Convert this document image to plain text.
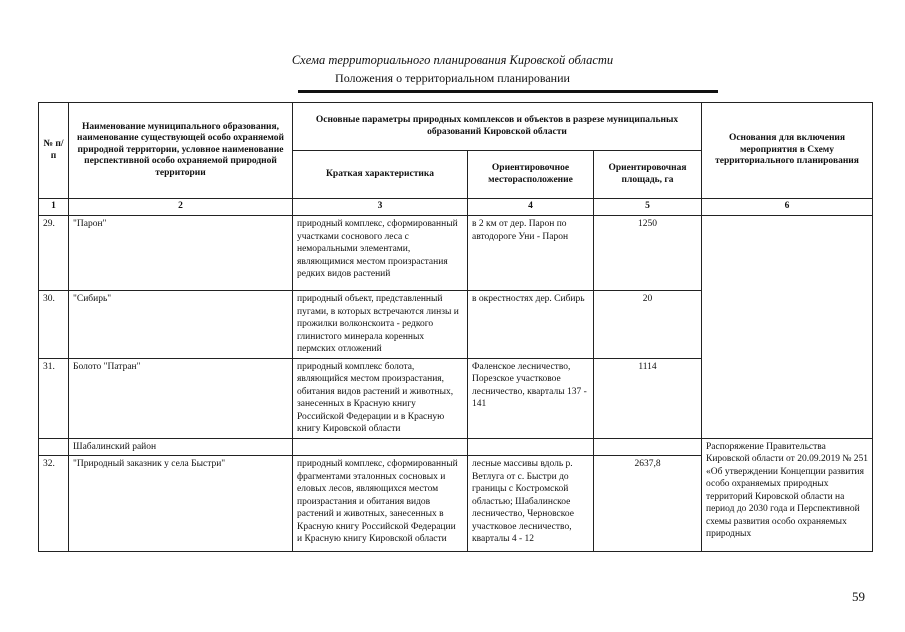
Схема территориального планирования Кировской области
Положения о территориальном планировании
№ п/п	Наименование муниципального образования, наименование существующей особо охраняемой природной территории, условное наименование перспективной особо охраняемой природной территории	Основные параметры природных комплексов и объектов в разрезе муниципальных образований Кировской области			Основания для включения мероприятия в Схему территориального планирования
		Краткая характеристика	Ориентировочное месторасположение	Ориентировочная площадь, га	
1	2	3	4	5	6
29.	"Парон"	природный комплекс, сформированный участками соснового леса с неморальными элементами, являющимися местом произрастания редких видов растений	в 2 км от дер. Парон по автодороге Уни - Парон	1250	
30.	"Сибирь"	природный объект, представленный пугами, в которых встречаются линзы и прожилки волконскоита - редкого глинистого минерала коренных пермских отложений	в окрестностях дер. Сибирь	20	
31.	Болото "Патран"	природный комплекс болота, являющийся местом произрастания, обитания видов растений и животных, занесенных в Красную книгу Российской Федерации и в Красную книгу Кировской области	Фаленское лесничество, Порезское участковое лесничество, кварталы 137 - 141	1114	
	Шабалинский район				Распоряжение Правительства Кировской области от 20.09.2019 № 251 «Об утверждении Концепции развития особо охраняемых природных территорий Кировской области на период до 2030 года и Перспективной схемы развития особо охраняемых природных
32.	"Природный заказник у села Быстри"	природный комплекс, сформированный фрагментами эталонных сосновых и еловых лесов, являющихся местом произрастания и обитания видов растений и животных, занесенных в Красную книгу Российской Федерации и Красную книгу Кировской области	лесные массивы вдоль р. Ветлуга от с. Быстри до границы с Костромской областью; Шабалинское лесничество, Черновское участковое лесничество, кварталы 4 - 12	2637,8	
59
